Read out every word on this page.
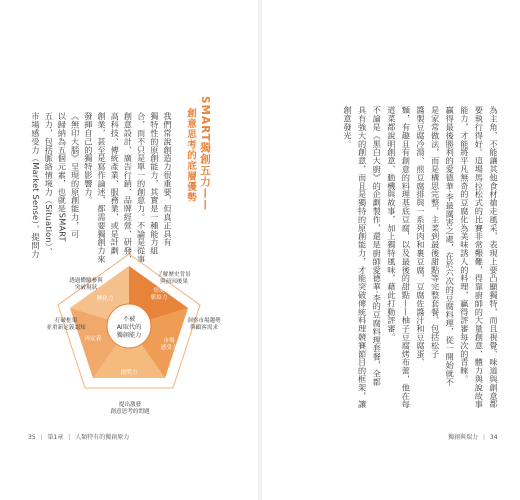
SMART獨創五力——
創意思考的底層優勢
我們常說創造力很重要，但真正具有
獨特性的原創能力，其實是一種能力組
合，而不只是單一的創意力。不論是從事
創意設計、廣告行銷、品牌經營、研發、
高科技、傳統產業、服務業，或是計劃
創業，甚至是寫作論述，都需要獨創力來
發揮自己的獨特影響力。
《無印大腦》呈現的原創能力，可
以歸納為五個元素，也就是SMART
五力，包括脈絡情境力（Situation）、
市場感受力（Market Sense）、提問力
不被
AI取代的
獨創能力
情境
脈絡力
市場
感受力
提問力
再定義
轉化力
透過體驗參與
突破現狀
了解歷史背景
與前因後果
洞察市場趨勢
與顧客需求
打破框架
並重新定義認知
提出激發
創意思考的問題
35 | 第1章 | 人類特有的獨創原力
為主角，不能讓其他食材搶走風采，表現上要凸顯獨特，而且視覺、味道與創意都
要執行得好。這場馬拉松式的比賽非常艱難，得靠廚師的大量創意、體力與說故事
能力，才能將平凡無奇的豆腐化為美味誘人的料理，贏得評審每次的青睞。
贏得最後勝利的愛德華‧李最厲害之處，在於六次的豆腐料理，從一開始就不
是家常做法，而是構思完整，主菜到最後甜點等完整套餐，包括松子
醬製豆腐冷湯、煎豆腐排與一系列肉和裹豆腐，豆腐佐醬汁和豆腐蛋、
麵，有趣且有創意的料理基底豆腐，以及最後的甜點——柚子豆腐烤布蕾，他在每
道菜都說明創意、動機與故事，加上獨特風味，藉此打動評審。
不論是《黑白大廚》的企劃製作，還是廚師愛德華‧李的豆腐料理套餐，全都
具有強大的創意，而且是獨特的原創能力，才能突破傳統料理競賽節目的框架，讓
創意發光。
獨創與瑞力 | 34
